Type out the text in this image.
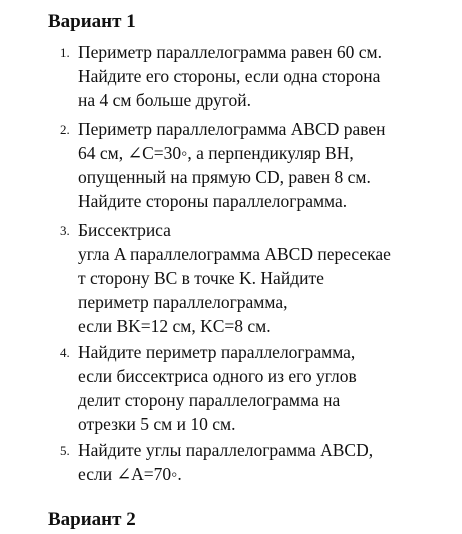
Вариант 1
1. Периметр параллелограмма равен 60 см.
Найдите его стороны, если одна сторона
на 4 см больше другой.
2. Периметр параллелограмма ABCD равен
64 см, ∠C=30◦, а перпендикуляр BH,
опущенный на прямую CD, равен 8 см.
Найдите стороны параллелограмма.
3. Биссектриса
угла A параллелограмма ABCD пересекае
т сторону BC в точке K. Найдите
периметр параллелограмма,
если BK=12 см, KC=8 см.
4. Найдите периметр параллелограмма,
если биссектриса одного из его углов
делит сторону параллелограмма на
отрезки 5 см и 10 см.
5. Найдите углы параллелограмма ABCD,
если ∠A=70◦.
Вариант 2
